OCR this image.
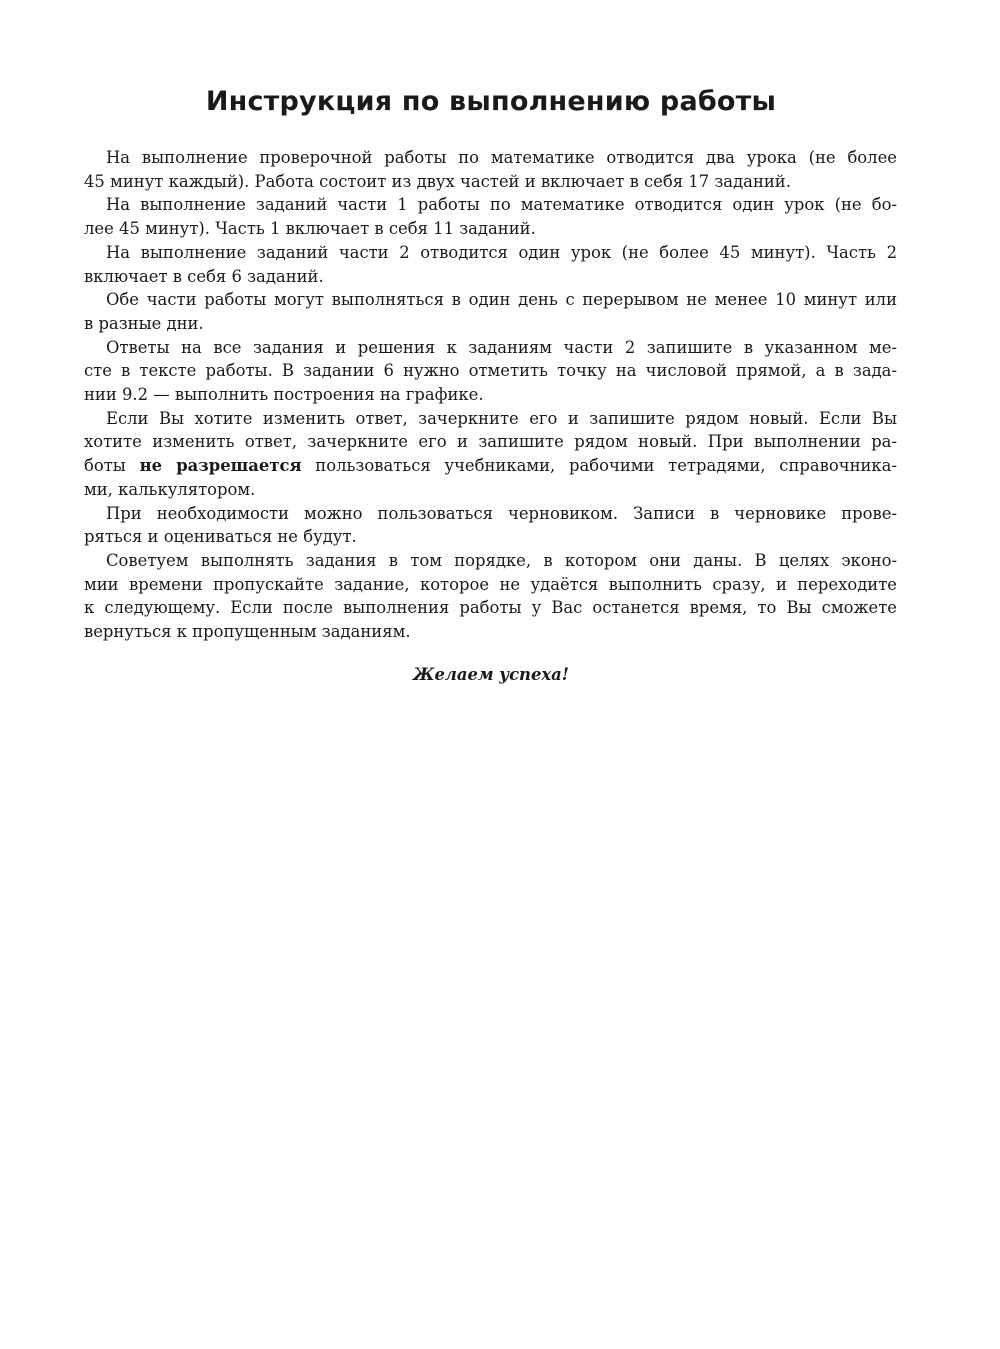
Инструкция по выполнению работы

На выполнение проверочной работы по математике отводится два урока (не более
45 минут каждый). Работа состоит из двух частей и включает в себя 17 заданий.

На выполнение заданий части 1 работы по математике отводится один урок (не бо-
лее 45 минут). Часть 1 включает в себя 11 заданий.

На выполнение заданий части 2 отводится один урок (не более 45 минут). Часть 2
включает в себя 6 заданий.

Обе части работы могут выполняться в один день с перерывом не менее 10 минут или
в разные дни.

Ответы на все задания и решения к заданиям части 2 запишите в указанном ме-
сте в тексте работы. В задании 6 нужно отметить точку на числовой прямой, а в зада-
нии 9.2 — выполнить построения на графике.

Если Вы хотите изменить ответ, зачеркните его и запишите рядом новый. Если Вы
хотите изменить ответ, зачеркните его и запишите рядом новый. При выполнении ра-
боты не разрешается пользоваться учебниками, рабочими тетрадями, справочника-
ми, калькулятором.

При необходимости можно пользоваться черновиком. Записи в черновике прове-
ряться и оцениваться не будут.

Советуем выполнять задания в том порядке, в котором они даны. В целях эконо-
мии времени пропускайте задание, которое не удаётся выполнить сразу, и переходите
к следующему. Если после выполнения работы у Вас останется время, то Вы сможете
вернуться к пропущенным заданиям.

Желаем успеха!
